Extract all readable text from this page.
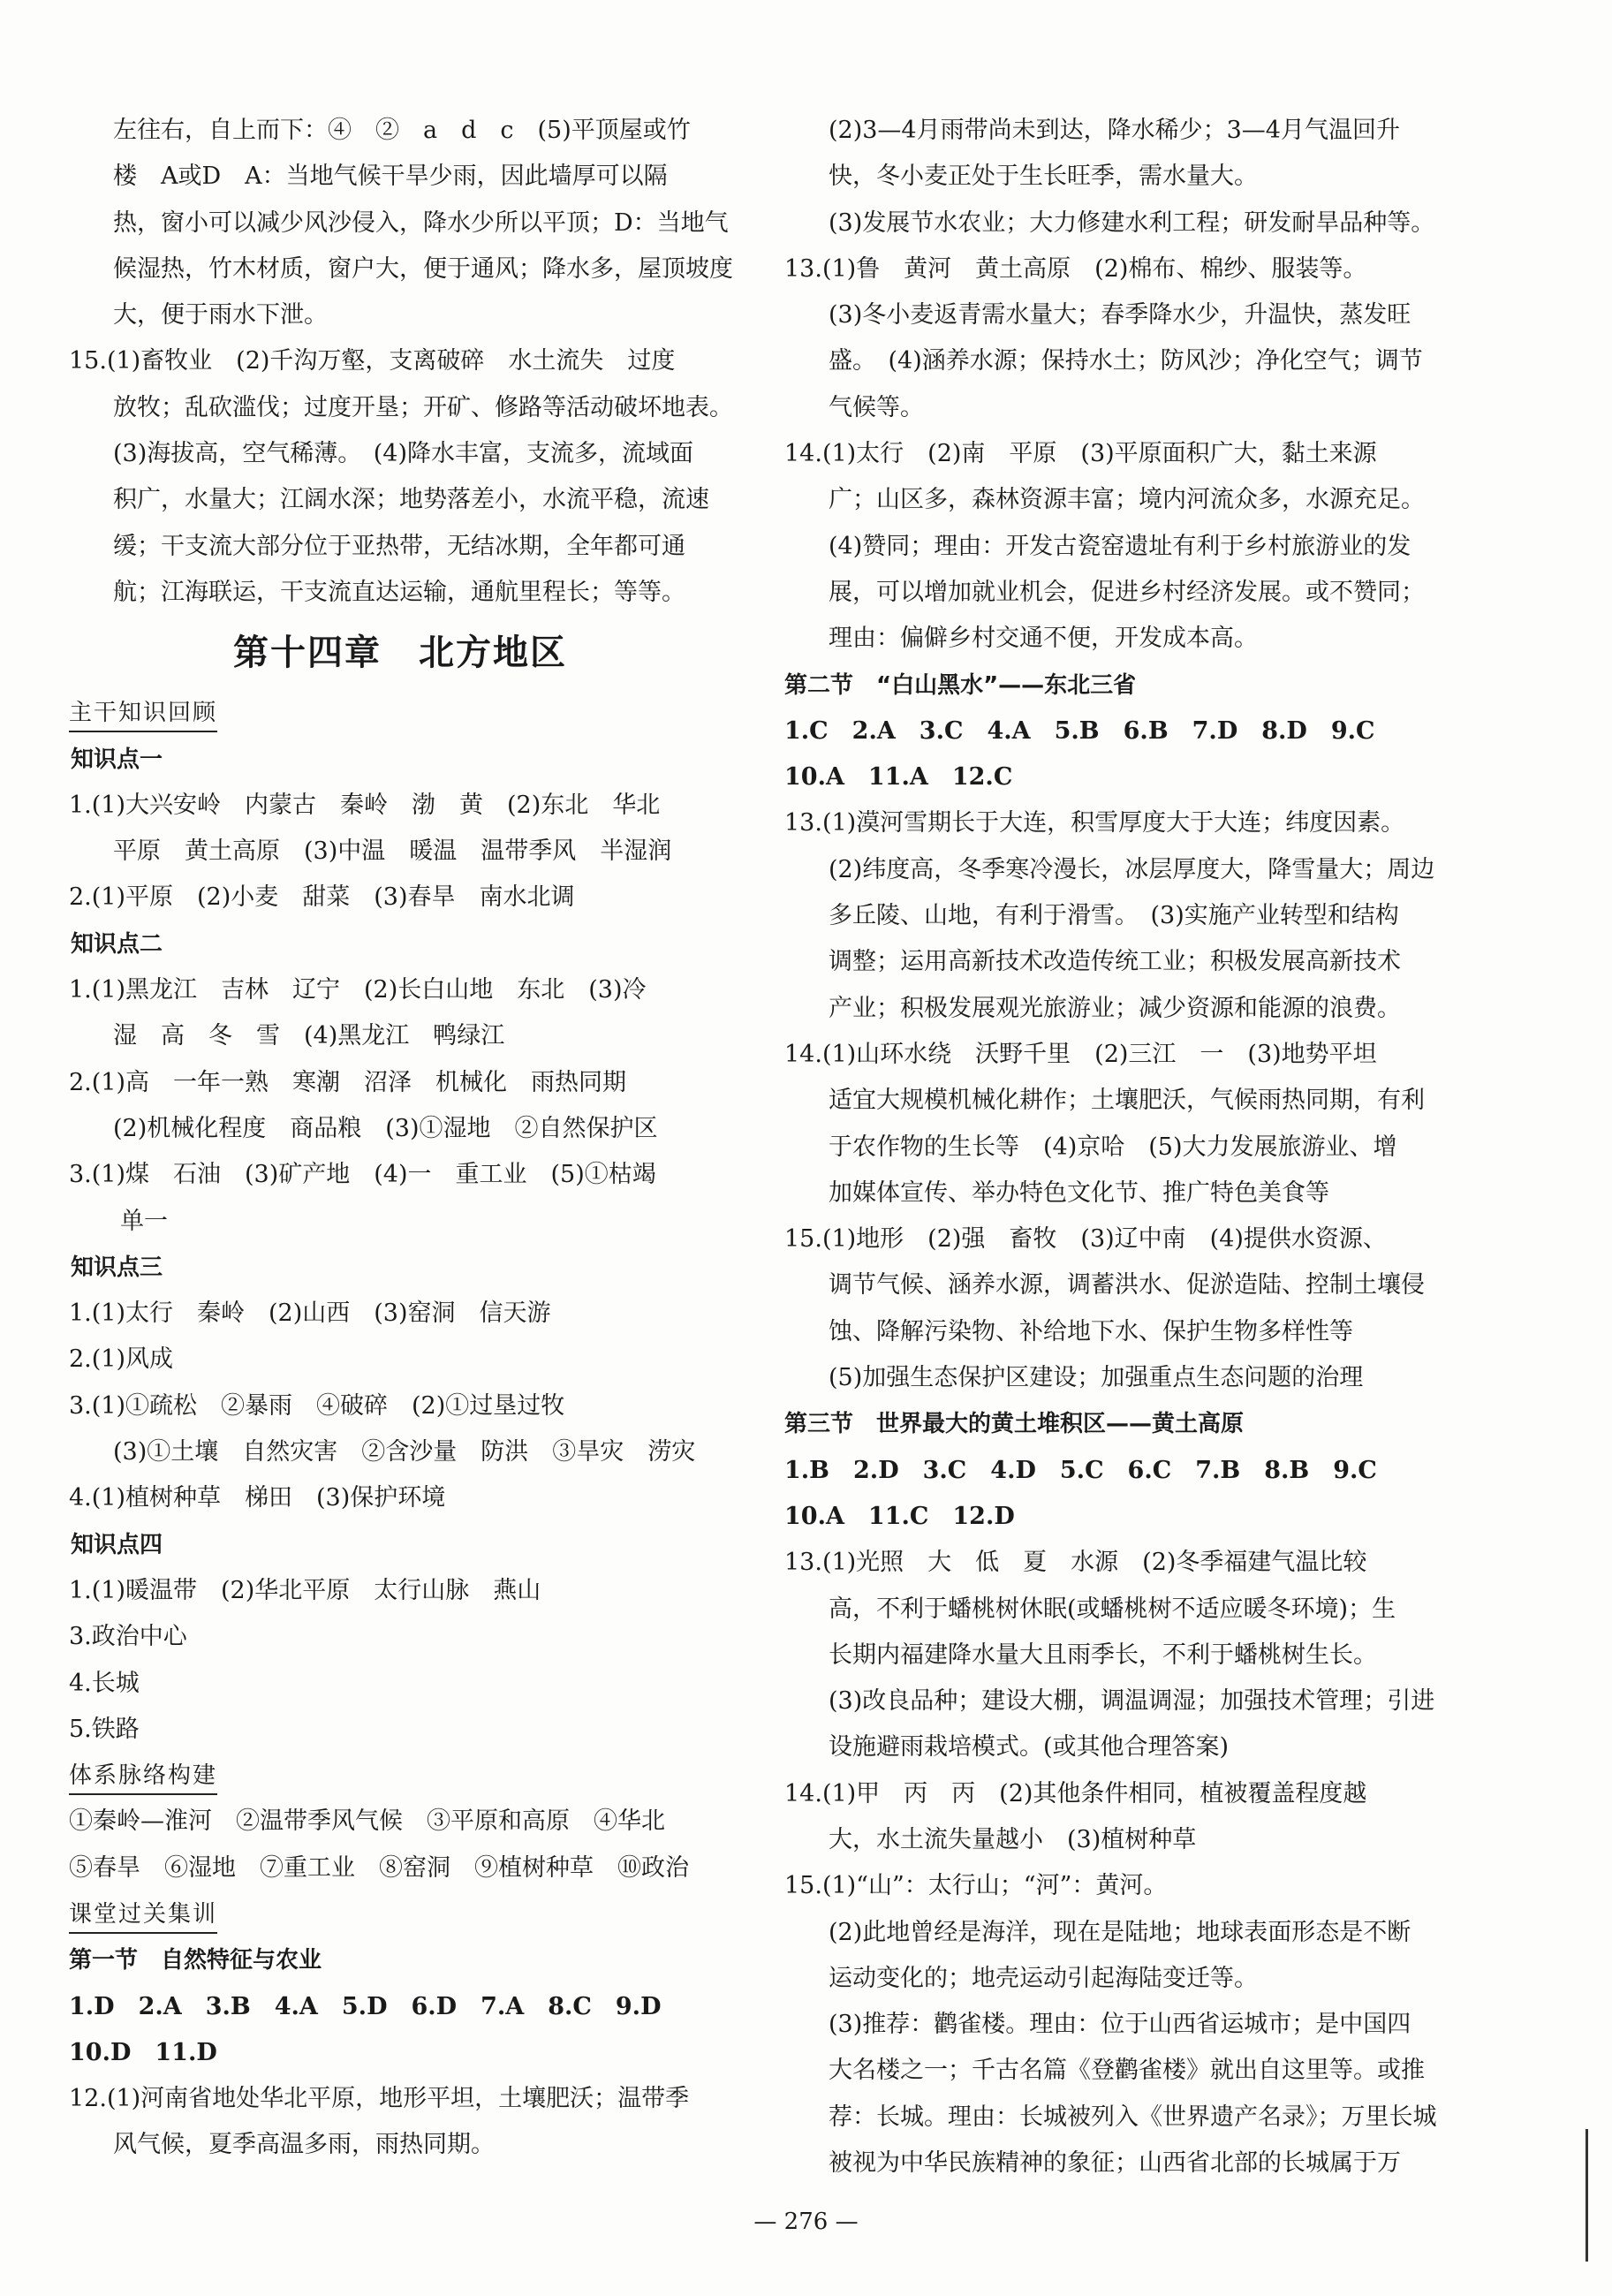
左往右，自上而下：④　②　a　d　c　(5)平顶屋或竹
楼　A或D　A：当地气候干旱少雨，因此墙厚可以隔
热，窗小可以减少风沙侵入，降水少所以平顶；D：当地气
候湿热，竹木材质，窗户大，便于通风；降水多，屋顶坡度
大，便于雨水下泄。
15.(1)畜牧业　(2)千沟万壑，支离破碎　水土流失　过度
放牧；乱砍滥伐；过度开垦；开矿、修路等活动破坏地表。
(3)海拔高，空气稀薄。　(4)降水丰富，支流多，流域面
积广，水量大；江阔水深；地势落差小，水流平稳，流速
缓；干支流大部分位于亚热带，无结冰期，全年都可通
航；江海联运，干支流直达运输，通航里程长；等等。
第十四章　北方地区
主干知识回顾
知识点一
1.(1)大兴安岭　内蒙古　秦岭　渤　黄　(2)东北　华北
平原　黄土高原　(3)中温　暖温　温带季风　半湿润
2.(1)平原　(2)小麦　甜菜　(3)春旱　南水北调
知识点二
1.(1)黑龙江　吉林　辽宁　(2)长白山地　东北　(3)冷
湿　高　冬　雪　(4)黑龙江　鸭绿江
2.(1)高　一年一熟　寒潮　沼泽　机械化　雨热同期
(2)机械化程度　商品粮　(3)①湿地　②自然保护区
3.(1)煤　石油　(3)矿产地　(4)一　重工业　(5)①枯竭
单一
知识点三
1.(1)太行　秦岭　(2)山西　(3)窑洞　信天游
2.(1)风成
3.(1)①疏松　②暴雨　④破碎　(2)①过垦过牧
(3)①土壤　自然灾害　②含沙量　防洪　③旱灾　涝灾
4.(1)植树种草　梯田　(3)保护环境
知识点四
1.(1)暖温带　(2)华北平原　太行山脉　燕山
3.政治中心
4.长城
5.铁路
体系脉络构建
①秦岭—淮河　②温带季风气候　③平原和高原　④华北
⑤春旱　⑥湿地　⑦重工业　⑧窑洞　⑨植树种草　⑩政治
课堂过关集训
第一节　自然特征与农业
1.D　2.A　3.B　4.A　5.D　6.D　7.A　8.C　9.D
10.D　11.D
12.(1)河南省地处华北平原，地形平坦，土壤肥沃；温带季
风气候，夏季高温多雨，雨热同期。
(2)3—4月雨带尚未到达，降水稀少；3—4月气温回升
快，冬小麦正处于生长旺季，需水量大。
(3)发展节水农业；大力修建水利工程；研发耐旱品种等。
13.(1)鲁　黄河　黄土高原　(2)棉布、棉纱、服装等。
(3)冬小麦返青需水量大；春季降水少，升温快，蒸发旺
盛。　(4)涵养水源；保持水土；防风沙；净化空气；调节
气候等。
14.(1)太行　(2)南　平原　(3)平原面积广大，黏土来源
广；山区多，森林资源丰富；境内河流众多，水源充足。
(4)赞同；理由：开发古瓷窑遗址有利于乡村旅游业的发
展，可以增加就业机会，促进乡村经济发展。或不赞同；
理由：偏僻乡村交通不便，开发成本高。
第二节　“白山黑水”——东北三省
1.C　2.A　3.C　4.A　5.B　6.B　7.D　8.D　9.C
10.A　11.A　12.C
13.(1)漠河雪期长于大连，积雪厚度大于大连；纬度因素。
(2)纬度高，冬季寒冷漫长，冰层厚度大，降雪量大；周边
多丘陵、山地，有利于滑雪。　(3)实施产业转型和结构
调整；运用高新技术改造传统工业；积极发展高新技术
产业；积极发展观光旅游业；减少资源和能源的浪费。
14.(1)山环水绕　沃野千里　(2)三江　一　(3)地势平坦
适宜大规模机械化耕作；土壤肥沃，气候雨热同期，有利
于农作物的生长等　(4)京哈　(5)大力发展旅游业、增
加媒体宣传、举办特色文化节、推广特色美食等
15.(1)地形　(2)强　畜牧　(3)辽中南　(4)提供水资源、
调节气候、涵养水源，调蓄洪水、促淤造陆、控制土壤侵
蚀、降解污染物、补给地下水、保护生物多样性等
(5)加强生态保护区建设；加强重点生态问题的治理
第三节　世界最大的黄土堆积区——黄土高原
1.B　2.D　3.C　4.D　5.C　6.C　7.B　8.B　9.C
10.A　11.C　12.D
13.(1)光照　大　低　夏　水源　(2)冬季福建气温比较
高，不利于蟠桃树休眠(或蟠桃树不适应暖冬环境)；生
长期内福建降水量大且雨季长，不利于蟠桃树生长。
(3)改良品种；建设大棚，调温调湿；加强技术管理；引进
设施避雨栽培模式。(或其他合理答案)
14.(1)甲　丙　丙　(2)其他条件相同，植被覆盖程度越
大，水土流失量越小　(3)植树种草
15.(1)“山”：太行山；“河”：黄河。
(2)此地曾经是海洋，现在是陆地；地球表面形态是不断
运动变化的；地壳运动引起海陆变迁等。
(3)推荐：鹳雀楼。理由：位于山西省运城市；是中国四
大名楼之一；千古名篇《登鹳雀楼》就出自这里等。或推
荐：长城。理由：长城被列入《世界遗产名录》；万里长城
被视为中华民族精神的象征；山西省北部的长城属于万
— 276 —
